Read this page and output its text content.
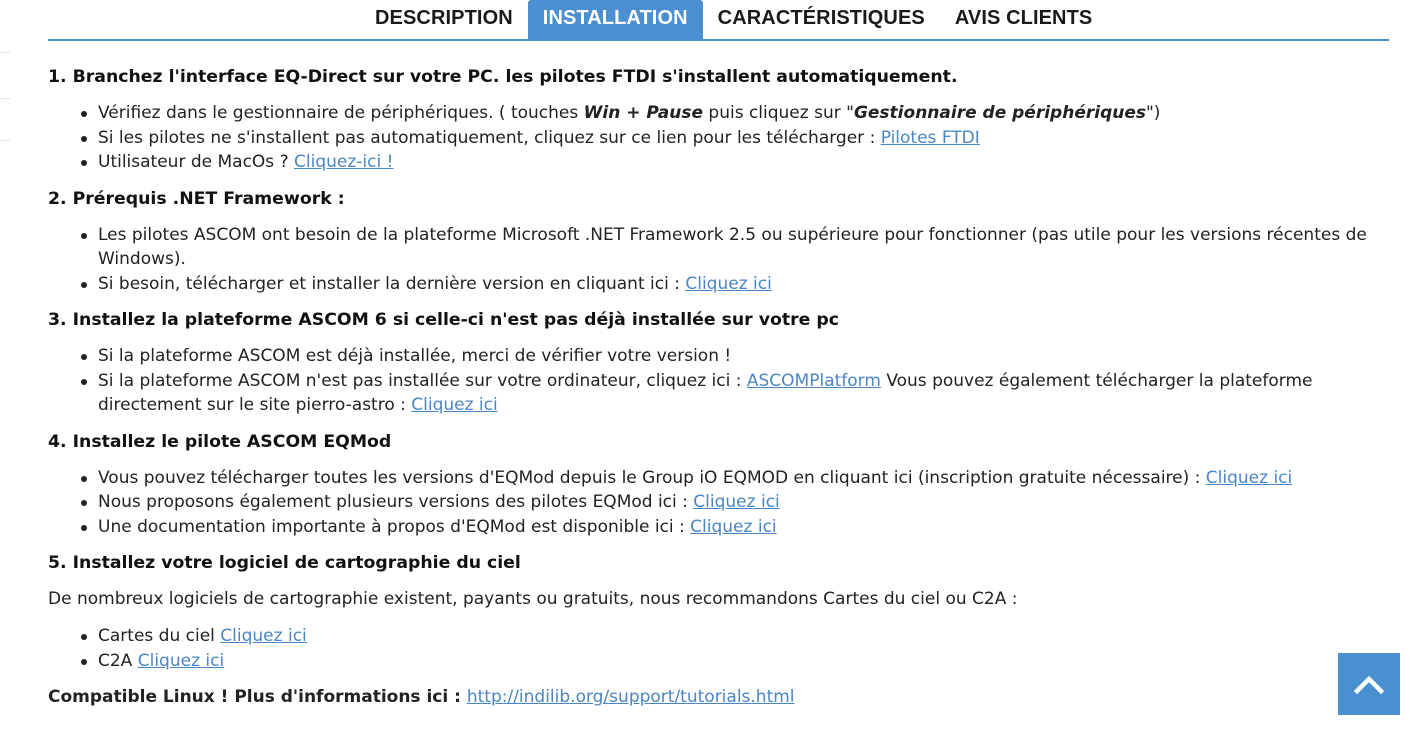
DESCRIPTION	INSTALLATION	CARACTÉRISTIQUES	AVIS CLIENTS
1. Branchez l'interface EQ-Direct sur votre PC. les pilotes FTDI s'installent automatiquement.
Vérifiez dans le gestionnaire de périphériques. ( touches Win + Pause puis cliquez sur "Gestionnaire de périphériques")
Si les pilotes ne s'installent pas automatiquement, cliquez sur ce lien pour les télécharger : Pilotes FTDI
Utilisateur de MacOs ? Cliquez-ici !
2. Prérequis .NET Framework :
Les pilotes ASCOM ont besoin de la plateforme Microsoft .NET Framework 2.5 ou supérieure pour fonctionner (pas utile pour les versions récentes de Windows).
Si besoin, télécharger et installer la dernière version en cliquant ici : Cliquez ici
3. Installez la plateforme ASCOM 6 si celle-ci n'est pas déjà installée sur votre pc
Si la plateforme ASCOM est déjà installée, merci de vérifier votre version !
Si la plateforme ASCOM n'est pas installée sur votre ordinateur, cliquez ici : ASCOMPlatform Vous pouvez également télécharger la plateforme directement sur le site pierro-astro : Cliquez ici
4. Installez le pilote ASCOM EQMod
Vous pouvez télécharger toutes les versions d'EQMod depuis le Group iO EQMOD en cliquant ici (inscription gratuite nécessaire) : Cliquez ici
Nous proposons également plusieurs versions des pilotes EQMod ici : Cliquez ici
Une documentation importante à propos d'EQMod est disponible ici : Cliquez ici
5. Installez votre logiciel de cartographie du ciel

De nombreux logiciels de cartographie existent, payants ou gratuits, nous recommandons Cartes du ciel ou C2A :

Cartes du ciel Cliquez ici
C2A Cliquez ici

Compatible Linux ! Plus d'informations ici : http://indilib.org/support/tutorials.html
